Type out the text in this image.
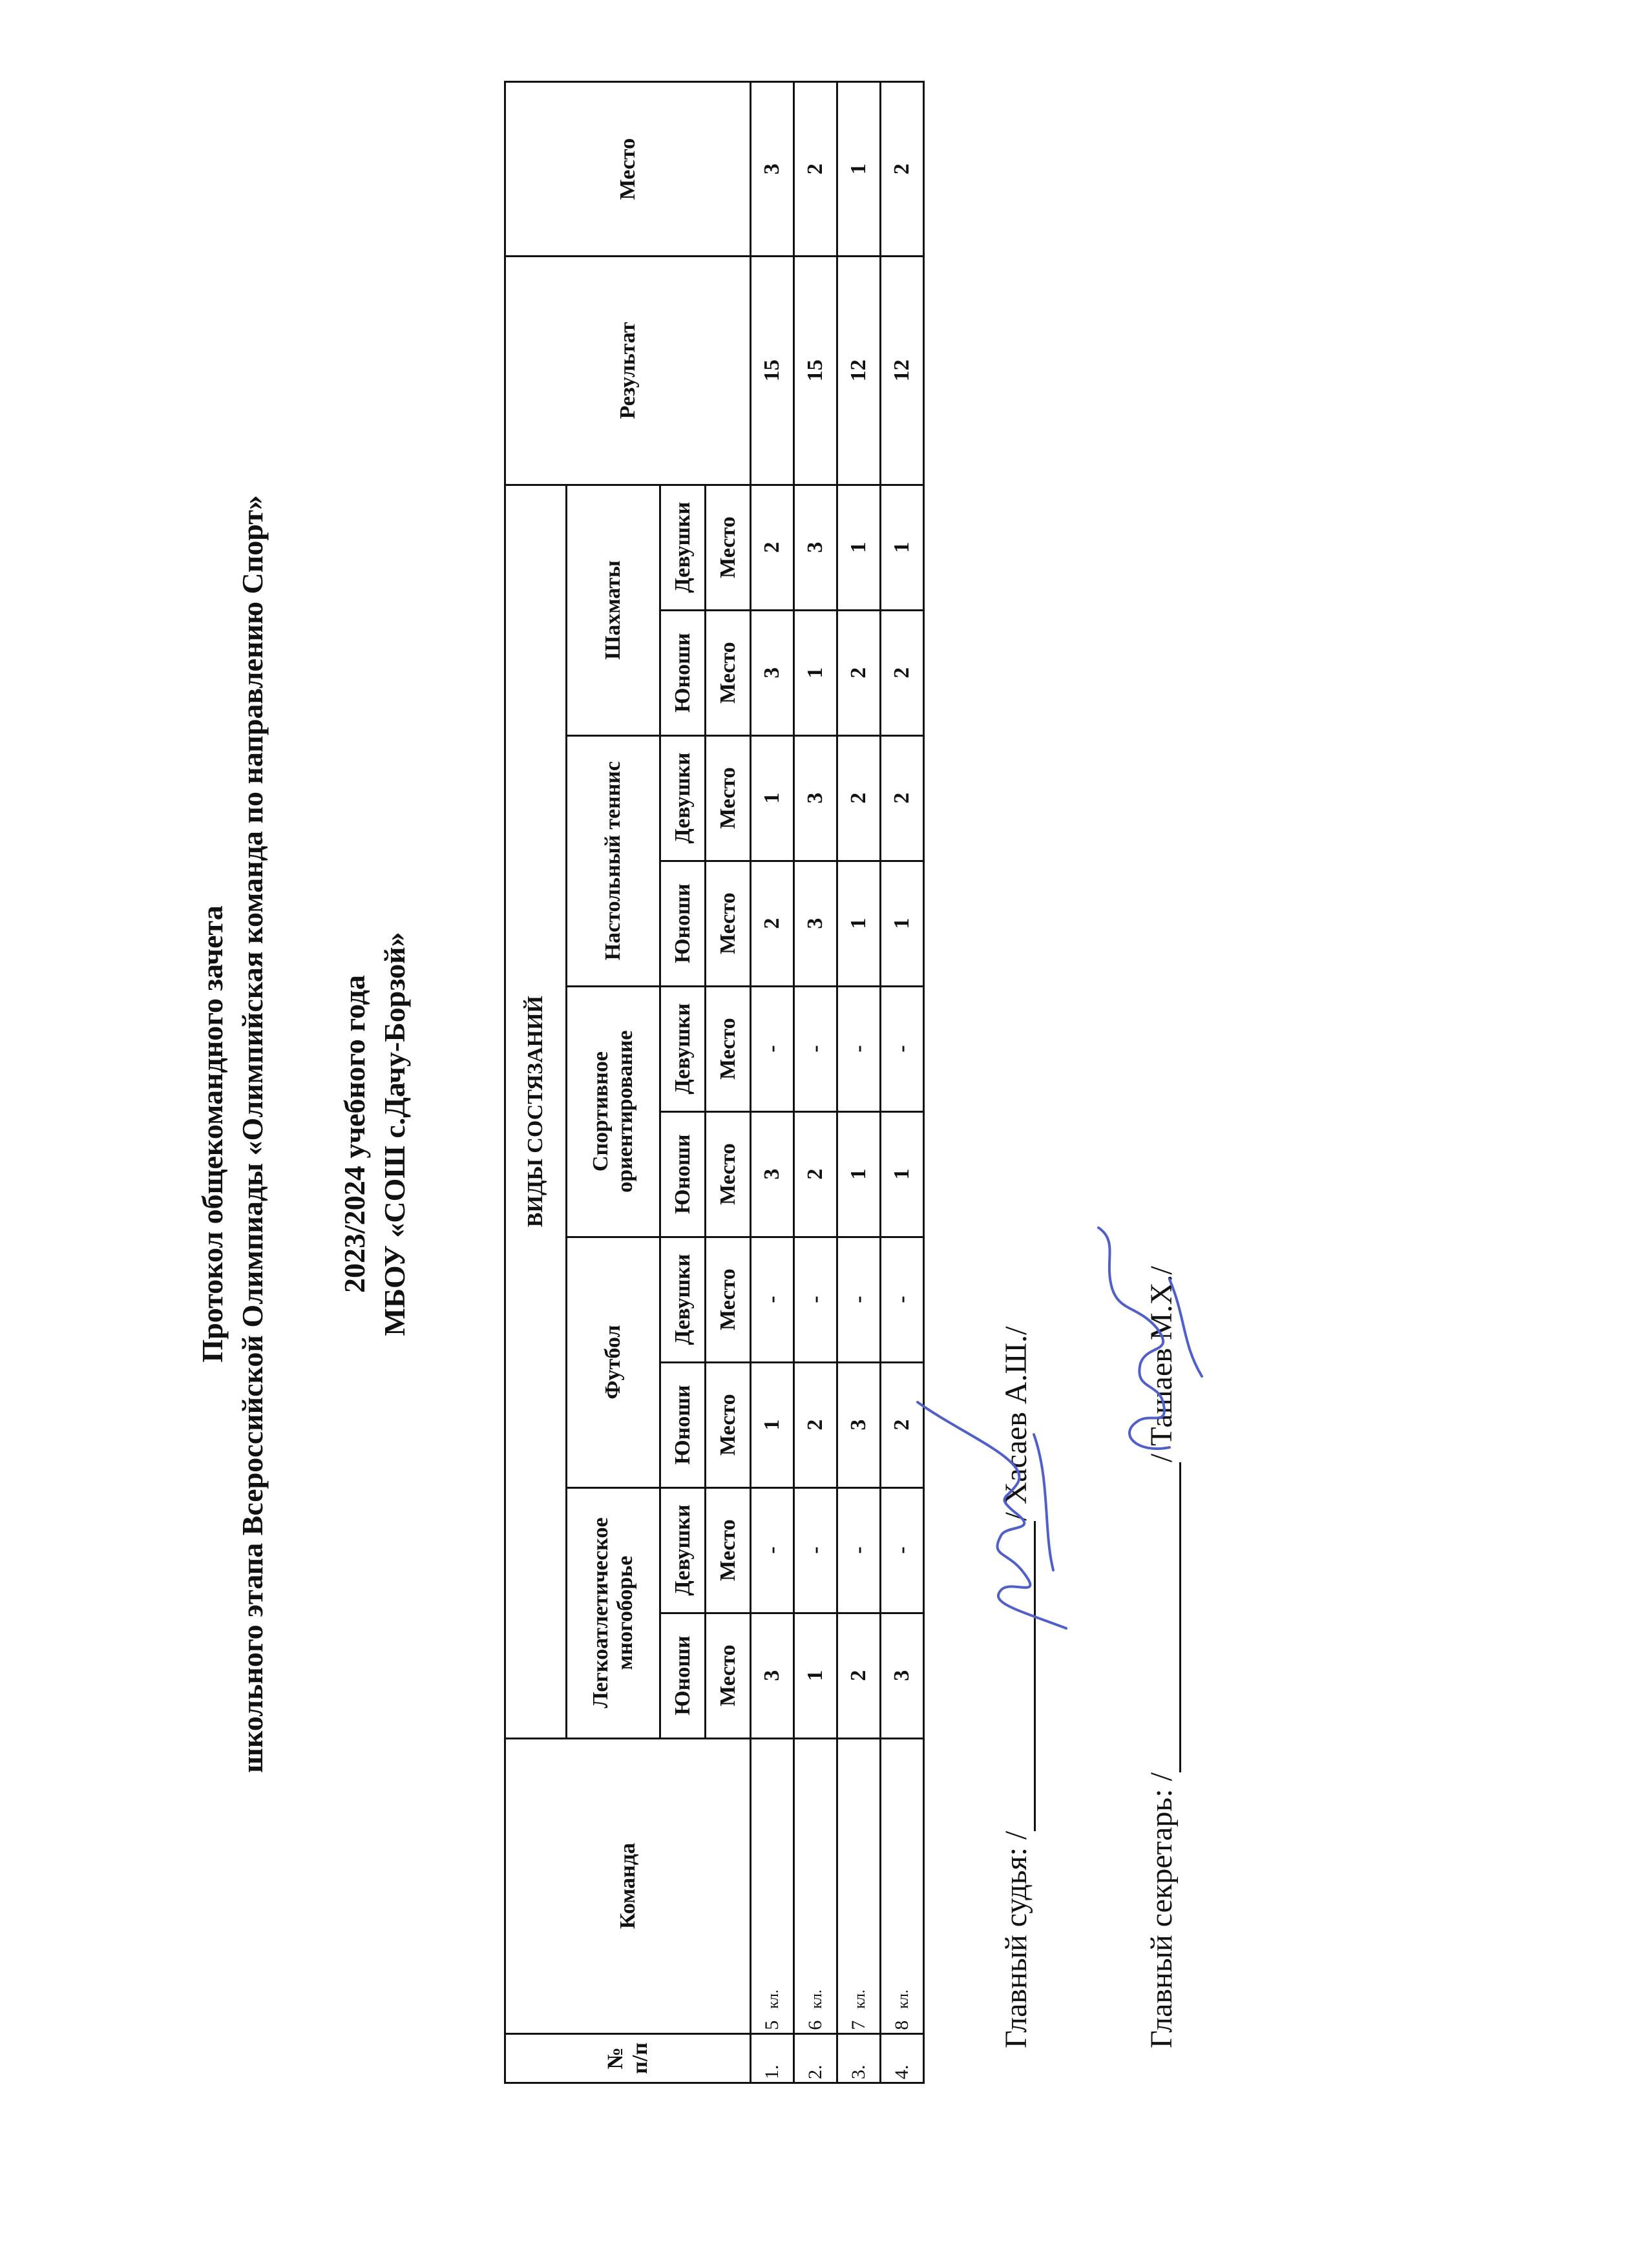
Протокол общекомандного зачета школьного этапа Всероссийской Олимпиады «Олимпийская команда по направлению Спорт» 2023/2024 учебного года МБОУ «СОШ с.Дачу-Борзой»
№ п/п	Команда	ВИДЫ СОСТЯЗАНИЙ										Результат	Место
		Легкоатлетическое многоборье		Футбол		Спортивное ориентирование		Настольный теннис		Шахматы			
		Юноши	Девушки	Юноши	Девушки	Юноши	Девушки	Юноши	Девушки	Юноши	Девушки		
		Место	Место	Место	Место	Место	Место	Место	Место	Место	Место		
1.	5кл.	3	-	1	-	3	-	2	1	3	2	15	3
2.	6кл.	1	-	2	-	2	-	3	3	1	3	15	2
3.	7кл.	2	-	3	-	1	-	1	2	2	1	12	1
4.	8кл.	3	-	2	-	1	-	1	2	2	1	12	2
Главный судья: / / Хасаев А.Ш./
Главный секретарь: / / Ташаев М.Х./
